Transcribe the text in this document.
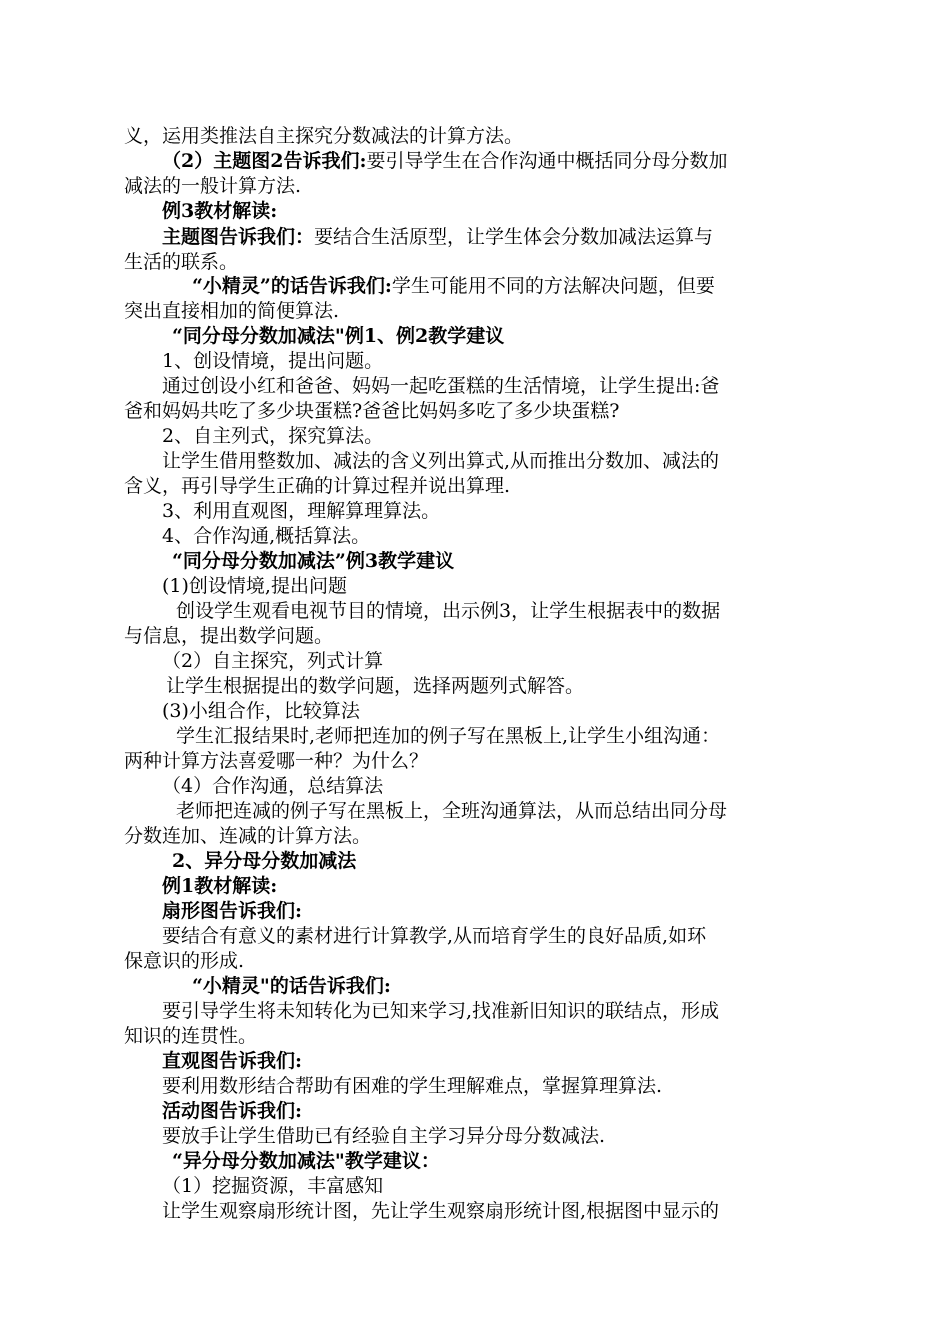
义，运用类推法自主探究分数减法的计算方法。
（2）主题图2告诉我们:要引导学生在合作沟通中概括同分母分数加
减法的一般计算方法.
例3教材解读:
主题图告诉我们：要结合生活原型，让学生体会分数加减法运算与
生活的联系。
“小精灵”的话告诉我们:学生可能用不同的方法解决问题，但要
突出直接相加的简便算法.
“同分母分数加减法"例1、例2教学建议
1、创设情境，提出问题。
通过创设小红和爸爸、妈妈一起吃蛋糕的生活情境，让学生提出:爸
爸和妈妈共吃了多少块蛋糕?爸爸比妈妈多吃了多少块蛋糕?
2、自主列式，探究算法。
让学生借用整数加、减法的含义列出算式,从而推出分数加、减法的
含义，再引导学生正确的计算过程并说出算理.
3、利用直观图，理解算理算法。
4、合作沟通,概括算法。
“同分母分数加减法”例3教学建议
(1)创设情境,提出问题
创设学生观看电视节目的情境，出示例3，让学生根据表中的数据
与信息，提出数学问题。
（2）自主探究，列式计算
让学生根据提出的数学问题，选择两题列式解答。
(3)小组合作，比较算法
学生汇报结果时,老师把连加的例子写在黑板上,让学生小组沟通：
两种计算方法喜爱哪一种？为什么？
（4）合作沟通，总结算法
老师把连减的例子写在黑板上，全班沟通算法，从而总结出同分母
分数连加、连减的计算方法。
2、异分母分数加减法
例1教材解读:
扇形图告诉我们:
要结合有意义的素材进行计算教学,从而培育学生的良好品质,如环
保意识的形成.
“小精灵"的话告诉我们:
要引导学生将未知转化为已知来学习,找准新旧知识的联结点，形成
知识的连贯性。
直观图告诉我们:
要利用数形结合帮助有困难的学生理解难点，掌握算理算法.
活动图告诉我们:
要放手让学生借助已有经验自主学习异分母分数减法.
“异分母分数加减法"教学建议：
（1）挖掘资源，丰富感知
让学生观察扇形统计图，先让学生观察扇形统计图,根据图中显示的
